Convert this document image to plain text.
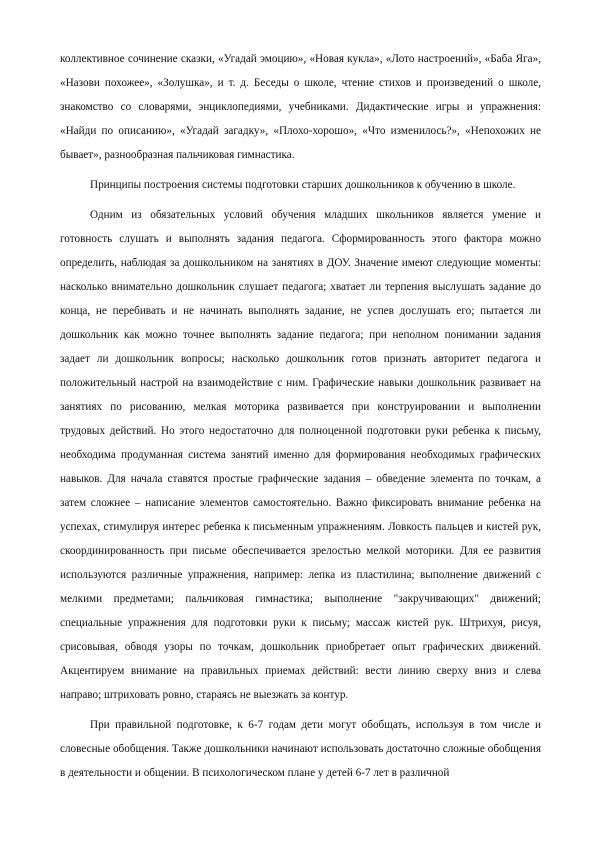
коллективное сочинение сказки, «Угадай эмоцию», «Новая кукла», «Лото настроений», «Баба Яга», «Назови похожее», «Золушка», и т. д. Беседы о школе, чтение стихов и произведений о школе, знакомство со словарями, энциклопедиями, учебниками. Дидактические игры и упражнения: «Найди по описанию», «Угадай загадку», «Плохо-хорошо», «Что изменилось?», «Непохожих не бывает», разнообразная пальчиковая гимнастика.

Принципы построения системы подготовки старших дошкольников к обучению в школе.

Одним из обязательных условий обучения младших школьников является умение и готовность слушать и выполнять задания педагога. Сформированность этого фактора можно определить, наблюдая за дошкольником на занятиях в ДОУ. Значение имеют следующие моменты: насколько внимательно дошкольник слушает педагога; хватает ли терпения выслушать задание до конца, не перебивать и не начинать выполнять задание, не успев дослушать его; пытается ли дошкольник как можно точнее выполнять задание педагога; при неполном понимании задания задает ли дошкольник вопросы; насколько дошкольник готов признать авторитет педагога и положительный настрой на взаимодействие с ним. Графические навыки дошкольник развивает на занятиях по рисованию, мелкая моторика развивается при конструировании и выполнении трудовых действий. Но этого недостаточно для полноценной подготовки руки ребенка к письму, необходима продуманная система занятий именно для формирования необходимых графических навыков. Для начала ставятся простые графические задания – обведение элемента по точкам, а затем сложнее – написание элементов самостоятельно. Важно фиксировать внимание ребенка на успехах, стимулируя интерес ребенка к письменным упражнениям. Ловкость пальцев и кистей рук, скоординированность при письме обеспечивается зрелостью мелкой моторики. Для ее развития используются различные упражнения, например: лепка из пластилина; выполнение движений с мелкими предметами; пальчиковая гимнастика; выполнение "закручивающих" движений; специальные упражнения для подготовки руки к письму; массаж кистей рук. Штрихуя, рисуя, срисовывая, обводя узоры по точкам, дошкольник приобретает опыт графических движений. Акцентируем внимание на правильных приемах действий: вести линию сверху вниз и слева направо; штриховать ровно, стараясь не выезжать за контур.

При правильной подготовке, к 6-7 годам дети могут обобщать, используя в том числе и словесные обобщения. Также дошкольники начинают использовать достаточно сложные обобщения в деятельности и общении. В психологическом плане у детей 6-7 лет в различной
